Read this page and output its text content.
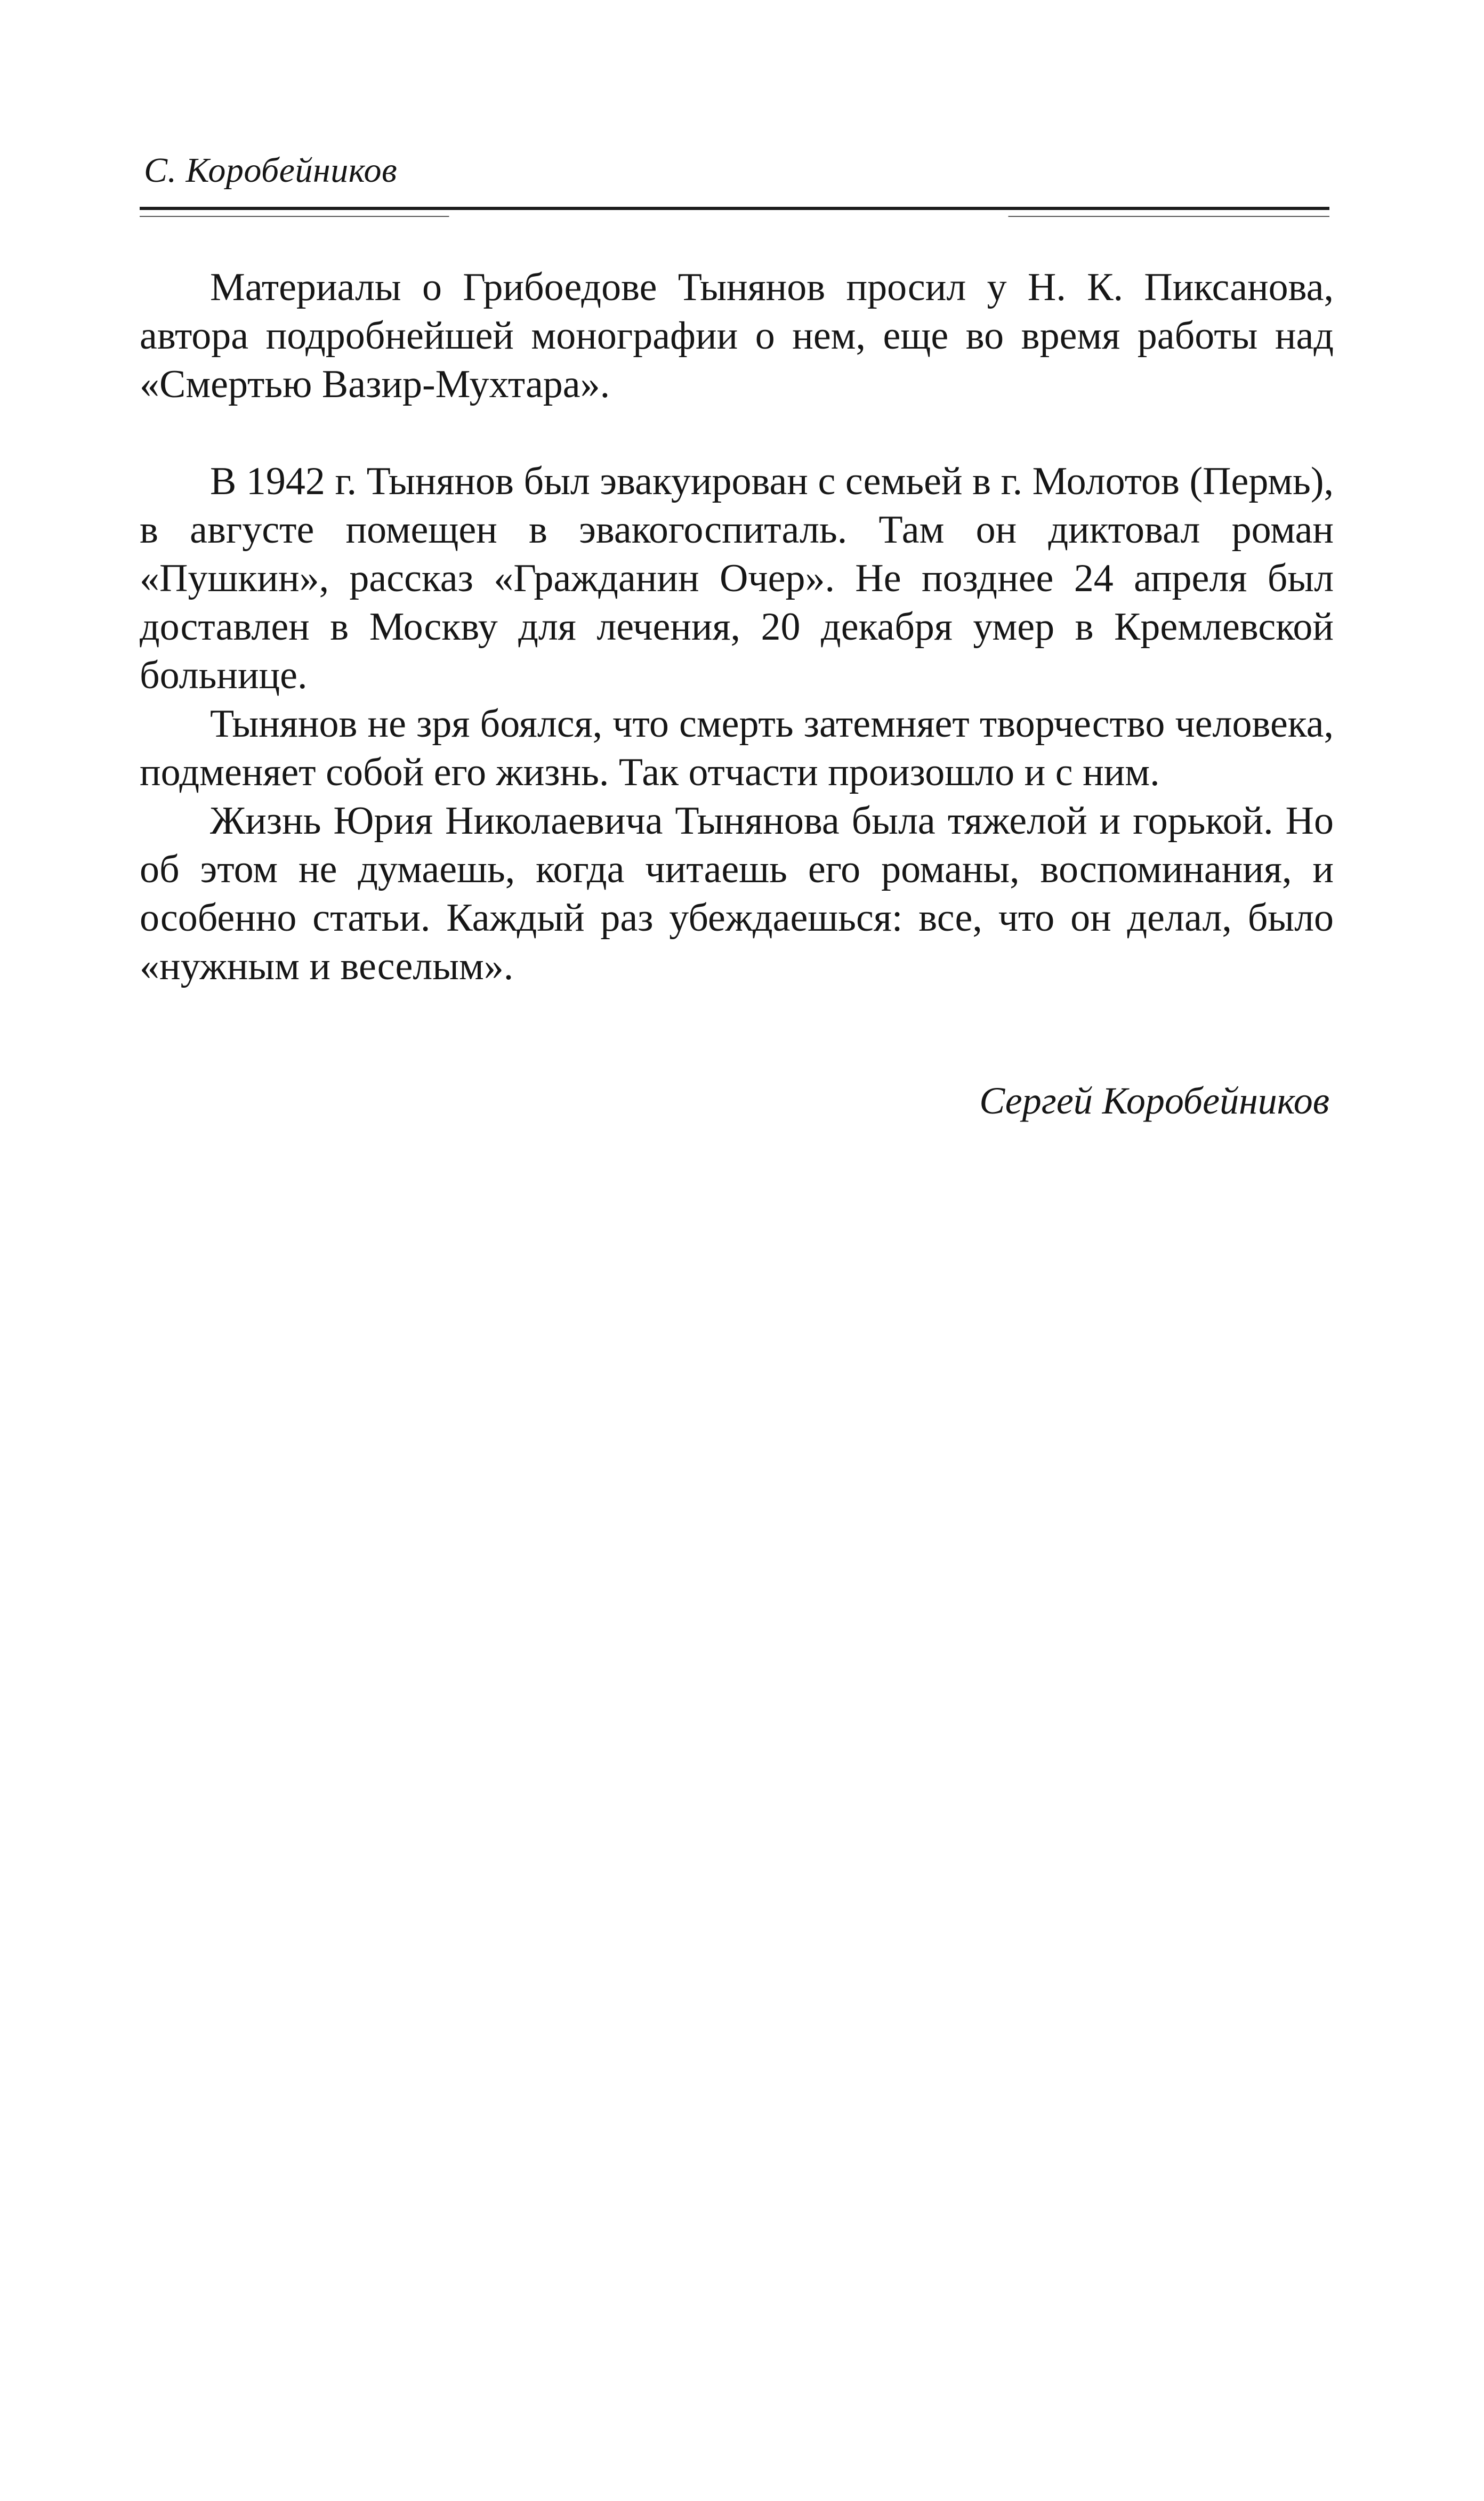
С. Коробейников

Материалы о Грибоедове Тынянов просил у Н. К. Пиксанова, автора подробнейшей монографии о нем, еще во время работы над «Смертью Вазир-Мухтара».

В 1942 г. Тынянов был эвакуирован с семьей в г. Молотов (Пермь), в августе помещен в эвакогоспиталь. Там он диктовал роман «Пушкин», рассказ «Гражданин Очер». Не позднее 24 апреля был доставлен в Москву для лечения, 20 декабря умер в Кремлевской больнице.

Тынянов не зря боялся, что смерть затемняет творчество человека, подменяет собой его жизнь. Так отчасти произошло и с ним.

Жизнь Юрия Николаевича Тынянова была тяжелой и горькой. Но об этом не думаешь, когда читаешь его романы, воспоминания, и особенно статьи. Каждый раз убеждаешься: все, что он делал, было «нужным и веселым».

Сергей Коробейников
